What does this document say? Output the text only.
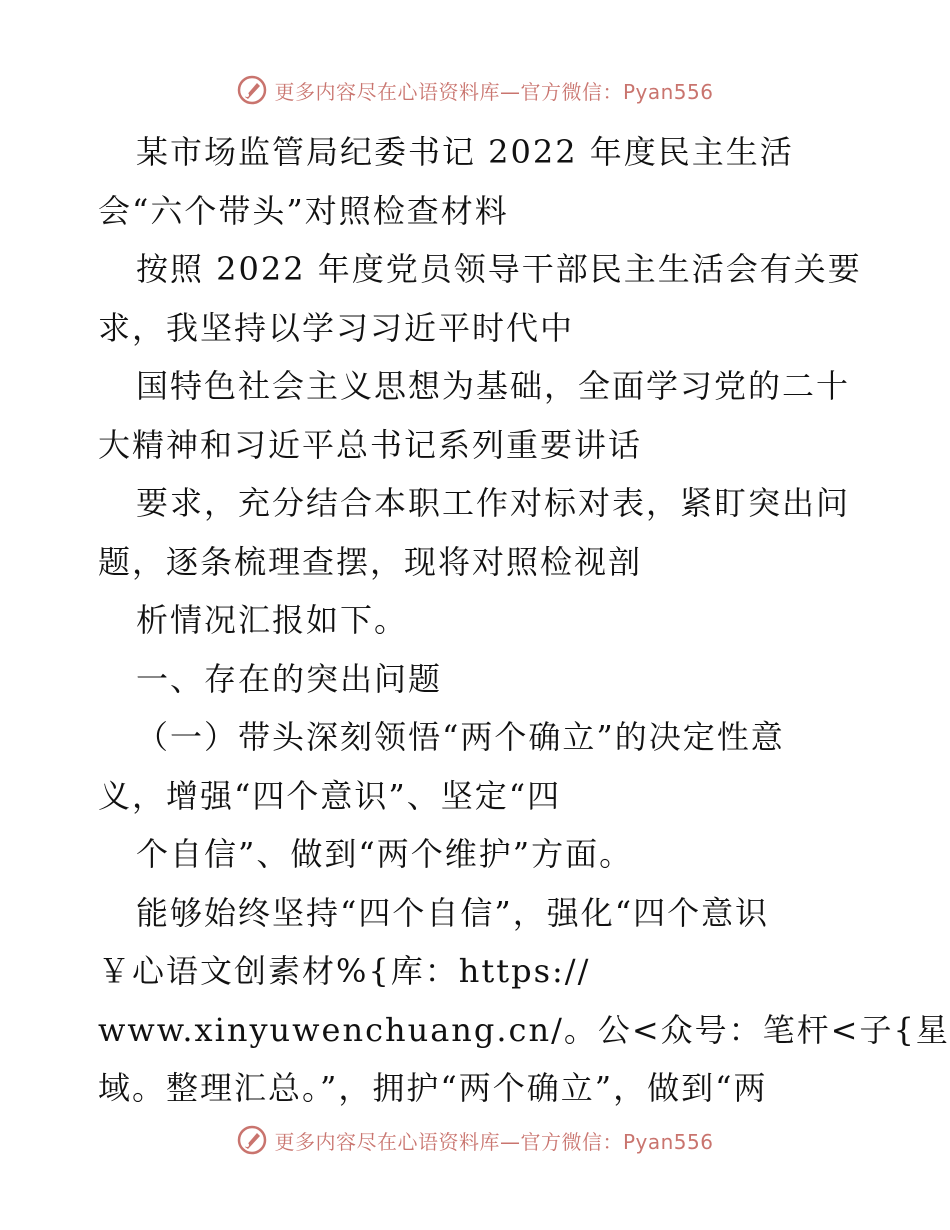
更多内容尽在心语资料库—官方微信：Pyan556
某市场监管局纪委书记 2022 年度民主生活
会“六个带头”对照检查材料
按照 2022 年度党员领导干部民主生活会有关要
求，我坚持以学习习近平时代中
国特色社会主义思想为基础，全面学习党的二十
大精神和习近平总书记系列重要讲话
要求，充分结合本职工作对标对表，紧盯突出问
题，逐条梳理查摆，现将对照检视剖
析情况汇报如下。
一、存在的突出问题
（一）带头深刻领悟“两个确立”的决定性意
义，增强“四个意识”、坚定“四
个自信”、做到“两个维护”方面。
能够始终坚持“四个自信”，强化“四个意识
￥心语文创素材%{库：https://
www.xinyuwenchuang.cn/。公<众号：笔杆<子{星
域。整理汇总。”，拥护“两个确立”，做到“两
更多内容尽在心语资料库—官方微信：Pyan556
